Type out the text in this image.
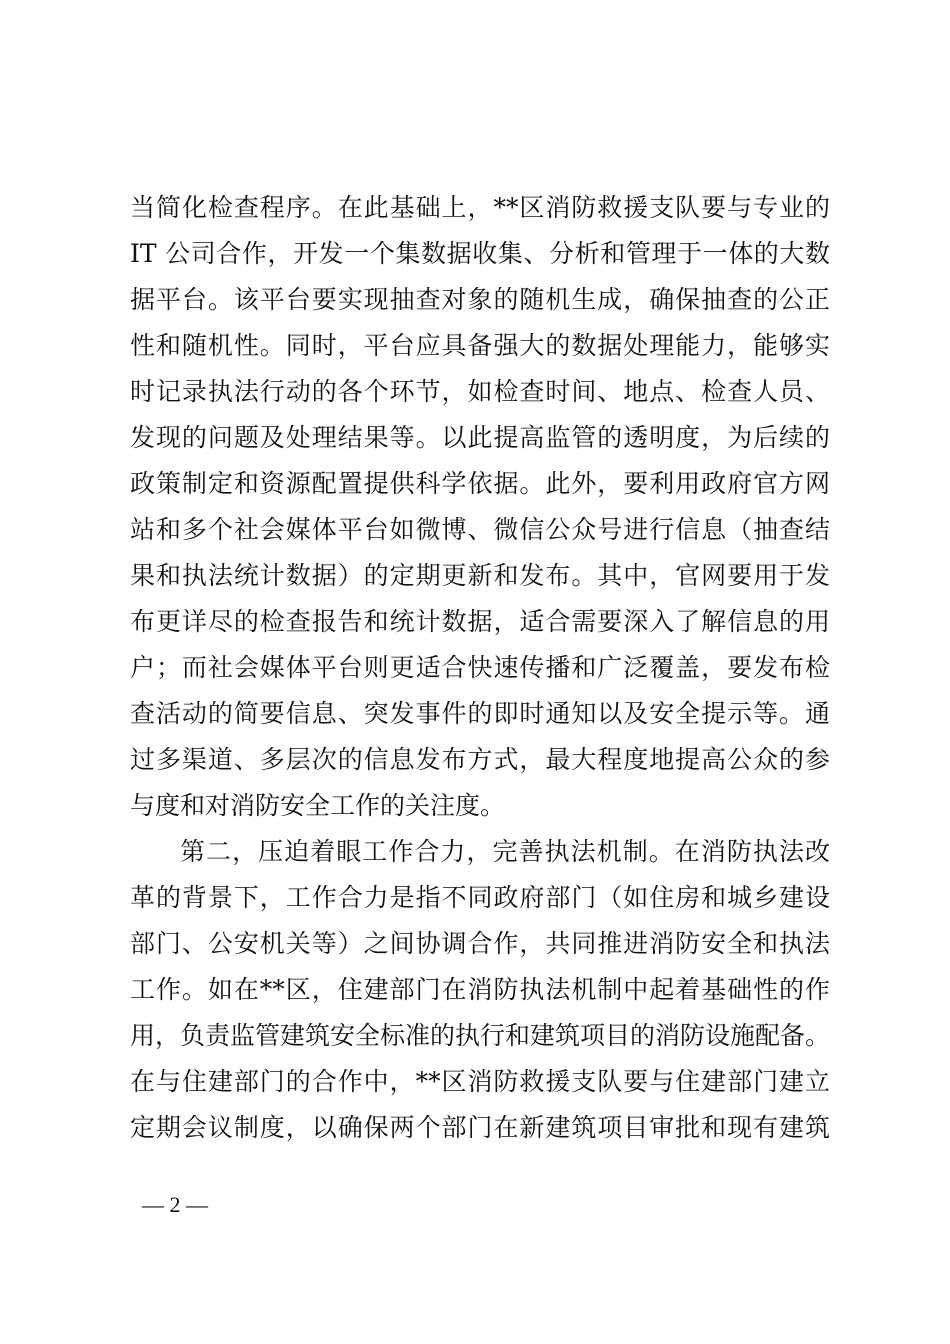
当简化检查程序。在此基础上，**区消防救援支队要与专业的
IT 公司合作，开发一个集数据收集、分析和管理于一体的大数
据平台。该平台要实现抽查对象的随机生成，确保抽查的公正
性和随机性。同时，平台应具备强大的数据处理能力，能够实
时记录执法行动的各个环节，如检查时间、地点、检查人员、
发现的问题及处理结果等。以此提高监管的透明度，为后续的
政策制定和资源配置提供科学依据。此外，要利用政府官方网
站和多个社会媒体平台如微博、微信公众号进行信息（抽查结
果和执法统计数据）的定期更新和发布。其中，官网要用于发
布更详尽的检查报告和统计数据，适合需要深入了解信息的用
户；而社会媒体平台则更适合快速传播和广泛覆盖，要发布检
查活动的简要信息、突发事件的即时通知以及安全提示等。通
过多渠道、多层次的信息发布方式，最大程度地提高公众的参
与度和对消防安全工作的关注度。
第二，压迫着眼工作合力，完善执法机制。在消防执法改
革的背景下，工作合力是指不同政府部门（如住房和城乡建设
部门、公安机关等）之间协调合作，共同推进消防安全和执法
工作。如在**区，住建部门在消防执法机制中起着基础性的作
用，负责监管建筑安全标准的执行和建筑项目的消防设施配备。
在与住建部门的合作中，**区消防救援支队要与住建部门建立
定期会议制度，以确保两个部门在新建筑项目审批和现有建筑
— 2 —
